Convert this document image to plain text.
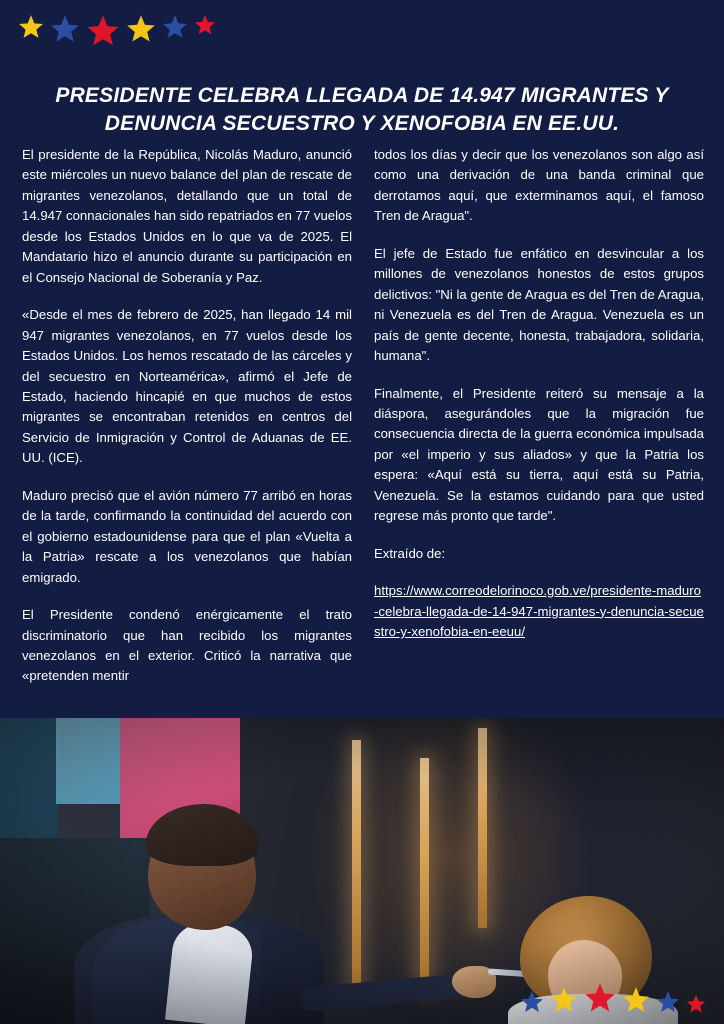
PRESIDENTE CELEBRA LLEGADA DE 14.947 MIGRANTES Y DENUNCIA SECUESTRO Y XENOFOBIA EN EE.UU.

El presidente de la República, Nicolás Maduro, anunció este miércoles un nuevo balance del plan de rescate de migrantes venezolanos, detallando que un total de 14.947 connacionales han sido repatriados en 77 vuelos desde los Estados Unidos en lo que va de 2025. El Mandatario hizo el anuncio durante su participación en el Consejo Nacional de Soberanía y Paz.

«Desde el mes de febrero de 2025, han llegado 14 mil 947 migrantes venezolanos, en 77 vuelos desde los Estados Unidos. Los hemos rescatado de las cárceles y del secuestro en Norteamérica», afirmó el Jefe de Estado, haciendo hincapié en que muchos de estos migrantes se encontraban retenidos en centros del Servicio de Inmigración y Control de Aduanas de EE. UU. (ICE).

Maduro precisó que el avión número 77 arribó en horas de la tarde, confirmando la continuidad del acuerdo con el gobierno estadounidense para que el plan «Vuelta a la Patria» rescate a los venezolanos que habían emigrado.

El Presidente condenó enérgicamente el trato discriminatorio que han recibido los migrantes venezolanos en el exterior. Criticó la narrativa que «pretenden mentir

todos los días y decir que los venezolanos son algo así como una derivación de una banda criminal que derrotamos aquí, que exterminamos aquí, el famoso Tren de Aragua".

El jefe de Estado fue enfático en desvincular a los millones de venezolanos honestos de estos grupos delictivos: "Ni la gente de Aragua es del Tren de Aragua, ni Venezuela es del Tren de Aragua. Venezuela es un país de gente decente, honesta, trabajadora, solidaria, humana".

Finalmente, el Presidente reiteró su mensaje a la diáspora, asegurándoles que la migración fue consecuencia directa de la guerra económica impulsada por «el imperio y sus aliados» y que la Patria los espera: «Aquí está su tierra, aquí está su Patria, Venezuela. Se la estamos cuidando para que usted regrese más pronto que tarde".

Extraído de:

https://www.correodelorinoco.gob.ve/presidente-maduro-celebra-llegada-de-14-947-migrantes-y-denuncia-secuestro-y-xenofobia-en-eeuu/
